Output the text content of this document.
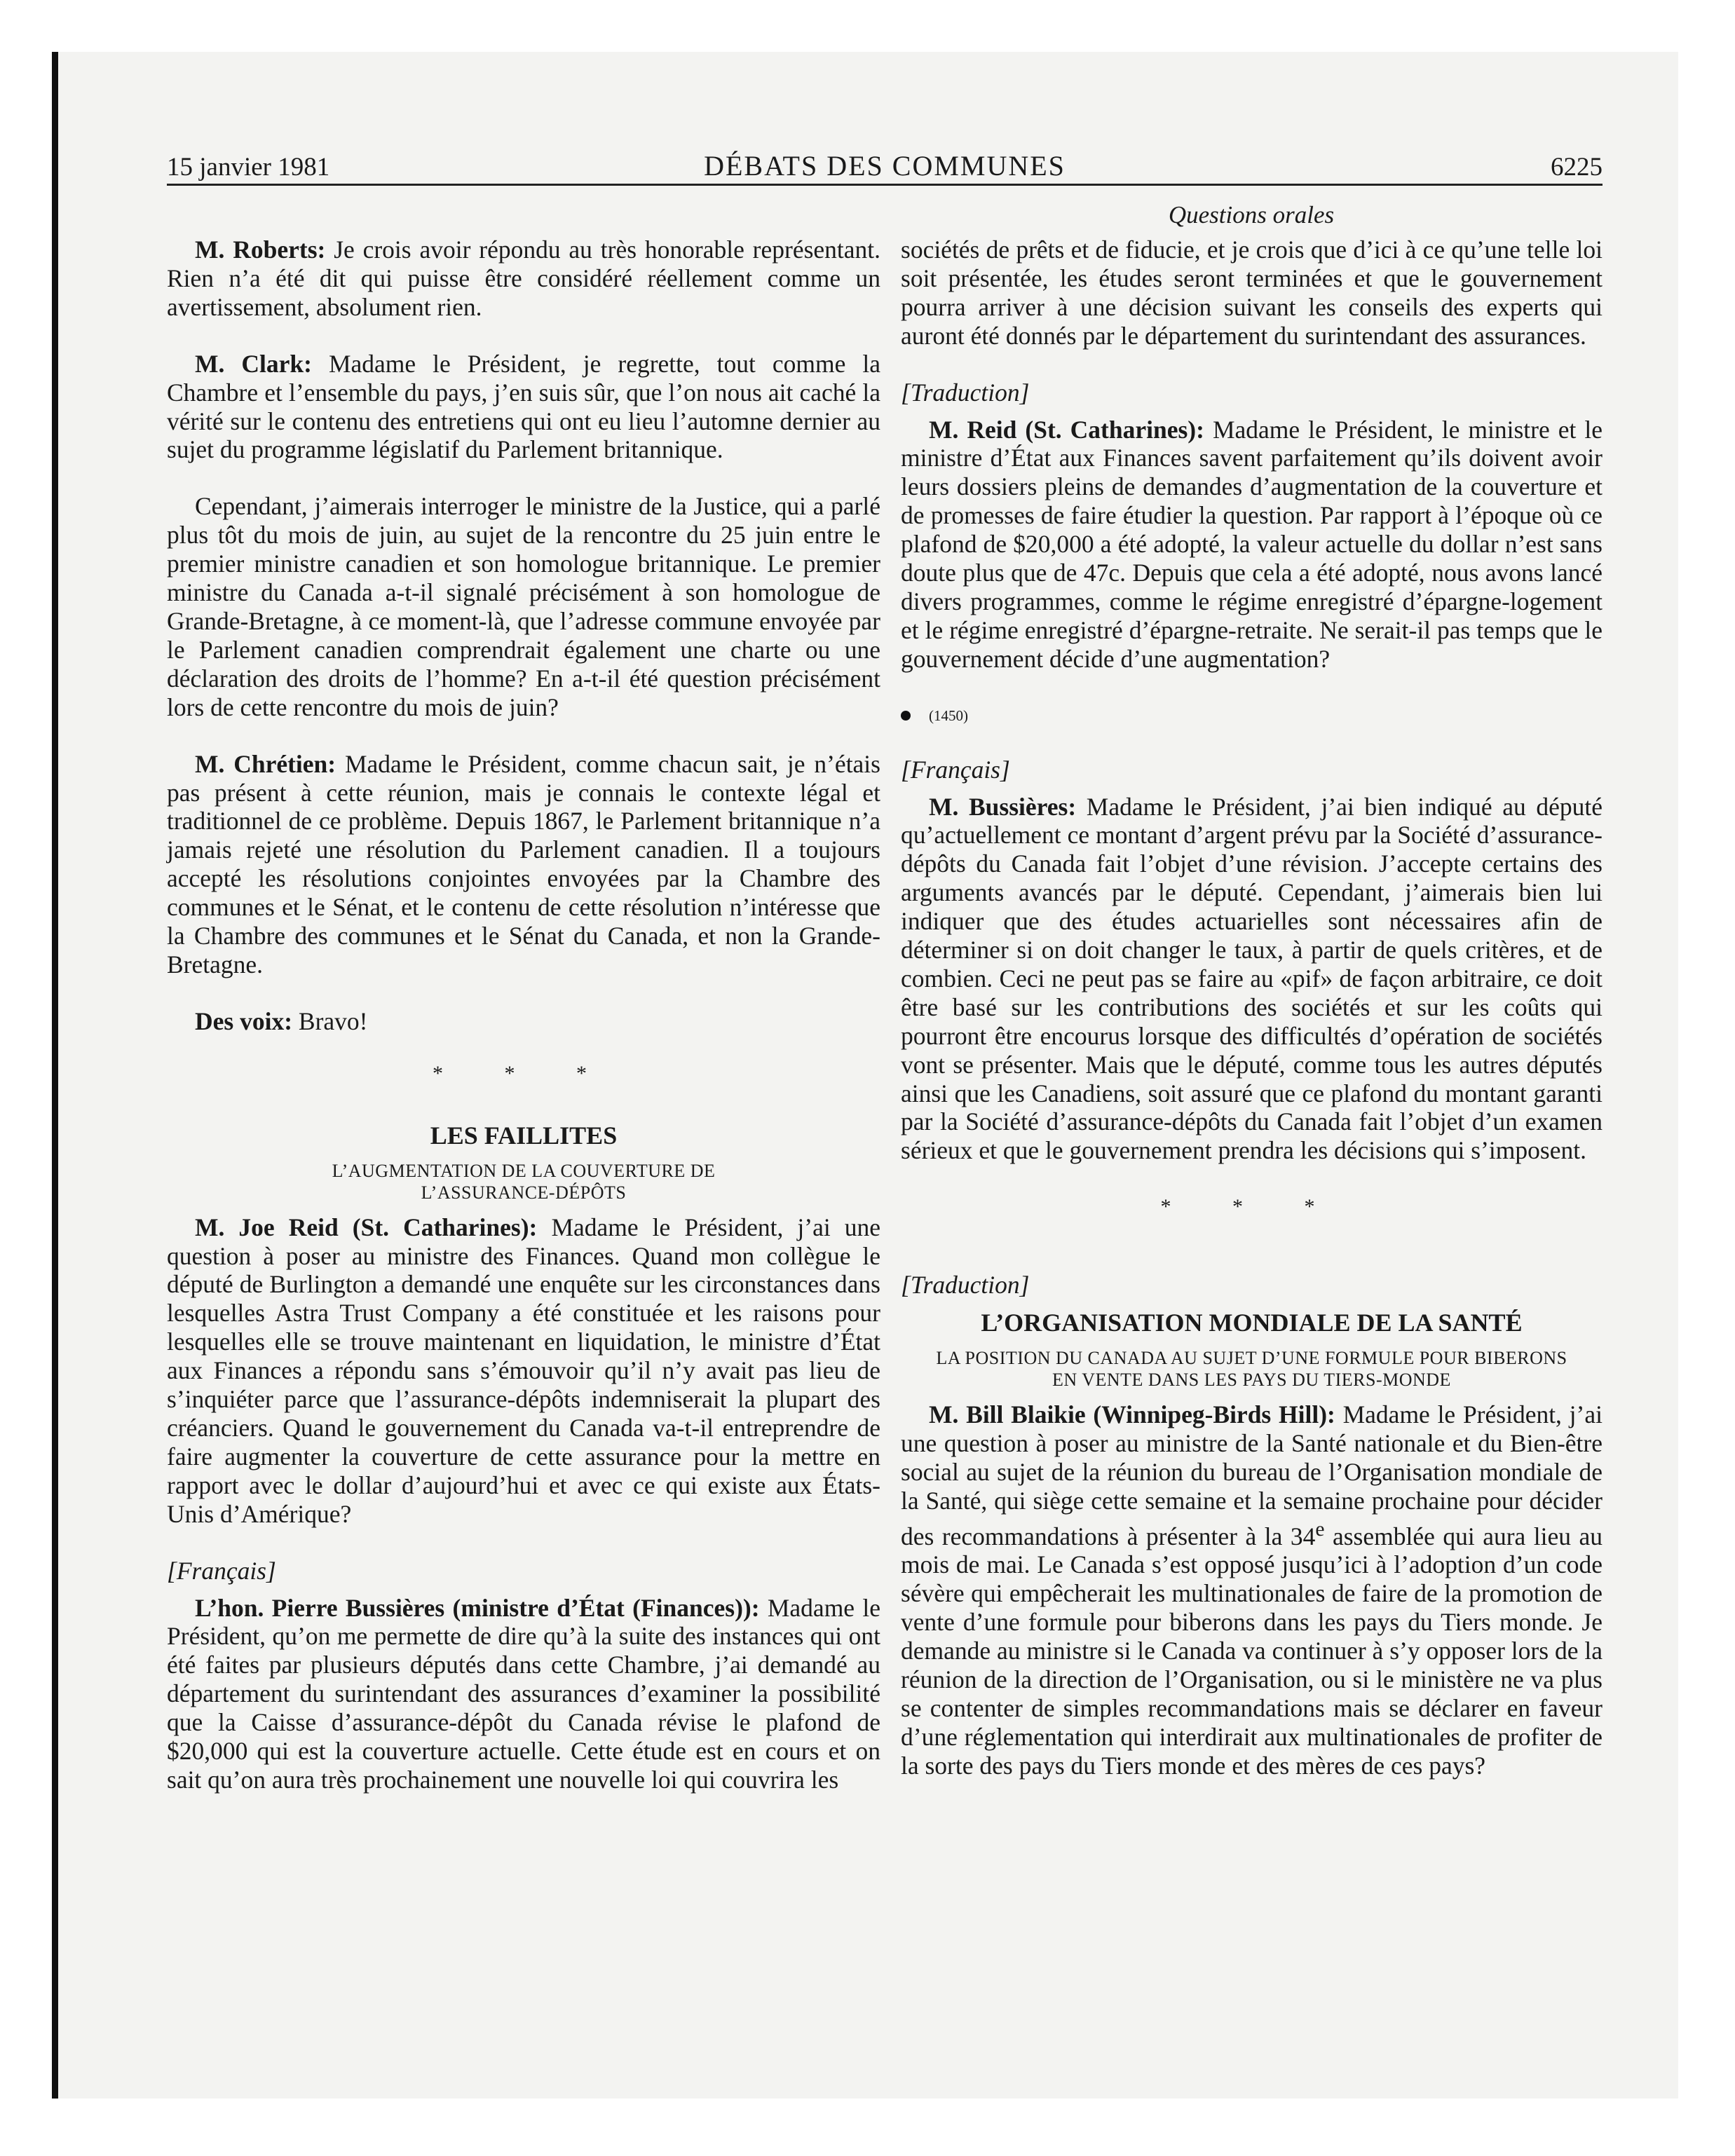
15 janvier 1981	DÉBATS DES COMMUNES	6225
Questions orales

M. Roberts: Je crois avoir répondu au très honorable représentant. Rien n’a été dit qui puisse être considéré réellement comme un avertissement, absolument rien.

M. Clark: Madame le Président, je regrette, tout comme la Chambre et l’ensemble du pays, j’en suis sûr, que l’on nous ait caché la vérité sur le contenu des entretiens qui ont eu lieu l’automne dernier au sujet du programme législatif du Parlement britannique.

Cependant, j’aimerais interroger le ministre de la Justice, qui a parlé plus tôt du mois de juin, au sujet de la rencontre du 25 juin entre le premier ministre canadien et son homologue britannique. Le premier ministre du Canada a-t-il signalé précisément à son homologue de Grande-Bretagne, à ce moment-là, que l’adresse commune envoyée par le Parlement canadien comprendrait également une charte ou une déclaration des droits de l’homme? En a-t-il été question précisément lors de cette rencontre du mois de juin?

M. Chrétien: Madame le Président, comme chacun sait, je n’étais pas présent à cette réunion, mais je connais le contexte légal et traditionnel de ce problème. Depuis 1867, le Parlement britannique n’a jamais rejeté une résolution du Parlement canadien. Il a toujours accepté les résolutions conjointes envoyées par la Chambre des communes et le Sénat, et le contenu de cette résolution n’intéresse que la Chambre des communes et le Sénat du Canada, et non la Grande-Bretagne.

Des voix: Bravo!

* * *
LES FAILLITES
L’AUGMENTATION DE LA COUVERTURE DE L’ASSURANCE-DÉPÔTS

M. Joe Reid (St. Catharines): Madame le Président, j’ai une question à poser au ministre des Finances. Quand mon collègue le député de Burlington a demandé une enquête sur les circonstances dans lesquelles Astra Trust Company a été constituée et les raisons pour lesquelles elle se trouve maintenant en liquidation, le ministre d’État aux Finances a répondu sans s’émouvoir qu’il n’y avait pas lieu de s’inquiéter parce que l’assurance-dépôts indemniserait la plupart des créanciers. Quand le gouvernement du Canada va-t-il entreprendre de faire augmenter la couverture de cette assurance pour la mettre en rapport avec le dollar d’aujourd’hui et avec ce qui existe aux États-Unis d’Amérique?

[Français]

L’hon. Pierre Bussières (ministre d’État (Finances)): Madame le Président, qu’on me permette de dire qu’à la suite des instances qui ont été faites par plusieurs députés dans cette Chambre, j’ai demandé au département du surintendant des assurances d’examiner la possibilité que la Caisse d’assurance-dépôt du Canada révise le plafond de $20,000 qui est la couverture actuelle. Cette étude est en cours et on sait qu’on aura très prochainement une nouvelle loi qui couvrira les

sociétés de prêts et de fiducie, et je crois que d’ici à ce qu’une telle loi soit présentée, les études seront terminées et que le gouvernement pourra arriver à une décision suivant les conseils des experts qui auront été donnés par le département du surintendant des assurances.

[Traduction]

M. Reid (St. Catharines): Madame le Président, le ministre et le ministre d’État aux Finances savent parfaitement qu’ils doivent avoir leurs dossiers pleins de demandes d’augmentation de la couverture et de promesses de faire étudier la question. Par rapport à l’époque où ce plafond de $20,000 a été adopté, la valeur actuelle du dollar n’est sans doute plus que de 47c. Depuis que cela a été adopté, nous avons lancé divers programmes, comme le régime enregistré d’épargne-logement et le régime enregistré d’épargne-retraite. Ne serait-il pas temps que le gouvernement décide d’une augmentation?

(1450)
[Français]

M. Bussières: Madame le Président, j’ai bien indiqué au député qu’actuellement ce montant d’argent prévu par la Société d’assurance-dépôts du Canada fait l’objet d’une révision. J’accepte certains des arguments avancés par le député. Cependant, j’aimerais bien lui indiquer que des études actuarielles sont nécessaires afin de déterminer si on doit changer le taux, à partir de quels critères, et de combien. Ceci ne peut pas se faire au «pif» de façon arbitraire, ce doit être basé sur les contributions des sociétés et sur les coûts qui pourront être encourus lorsque des difficultés d’opération de sociétés vont se présenter. Mais que le député, comme tous les autres députés ainsi que les Canadiens, soit assuré que ce plafond du montant garanti par la Société d’assurance-dépôts du Canada fait l’objet d’un examen sérieux et que le gouvernement prendra les décisions qui s’imposent.

* * *
[Traduction]
L’ORGANISATION MONDIALE DE LA SANTÉ
LA POSITION DU CANADA AU SUJET D’UNE FORMULE POUR BIBERONS EN VENTE DANS LES PAYS DU TIERS-MONDE

M. Bill Blaikie (Winnipeg-Birds Hill): Madame le Président, j’ai une question à poser au ministre de la Santé nationale et du Bien-être social au sujet de la réunion du bureau de l’Organisation mondiale de la Santé, qui siège cette semaine et la semaine prochaine pour décider des recommandations à présenter à la 34e assemblée qui aura lieu au mois de mai. Le Canada s’est opposé jusqu’ici à l’adoption d’un code sévère qui empêcherait les multinationales de faire de la promotion de vente d’une formule pour biberons dans les pays du Tiers monde. Je demande au ministre si le Canada va continuer à s’y opposer lors de la réunion de la direction de l’Organisation, ou si le ministère ne va plus se contenter de simples recommandations mais se déclarer en faveur d’une réglementation qui interdirait aux multinationales de profiter de la sorte des pays du Tiers monde et des mères de ces pays?
